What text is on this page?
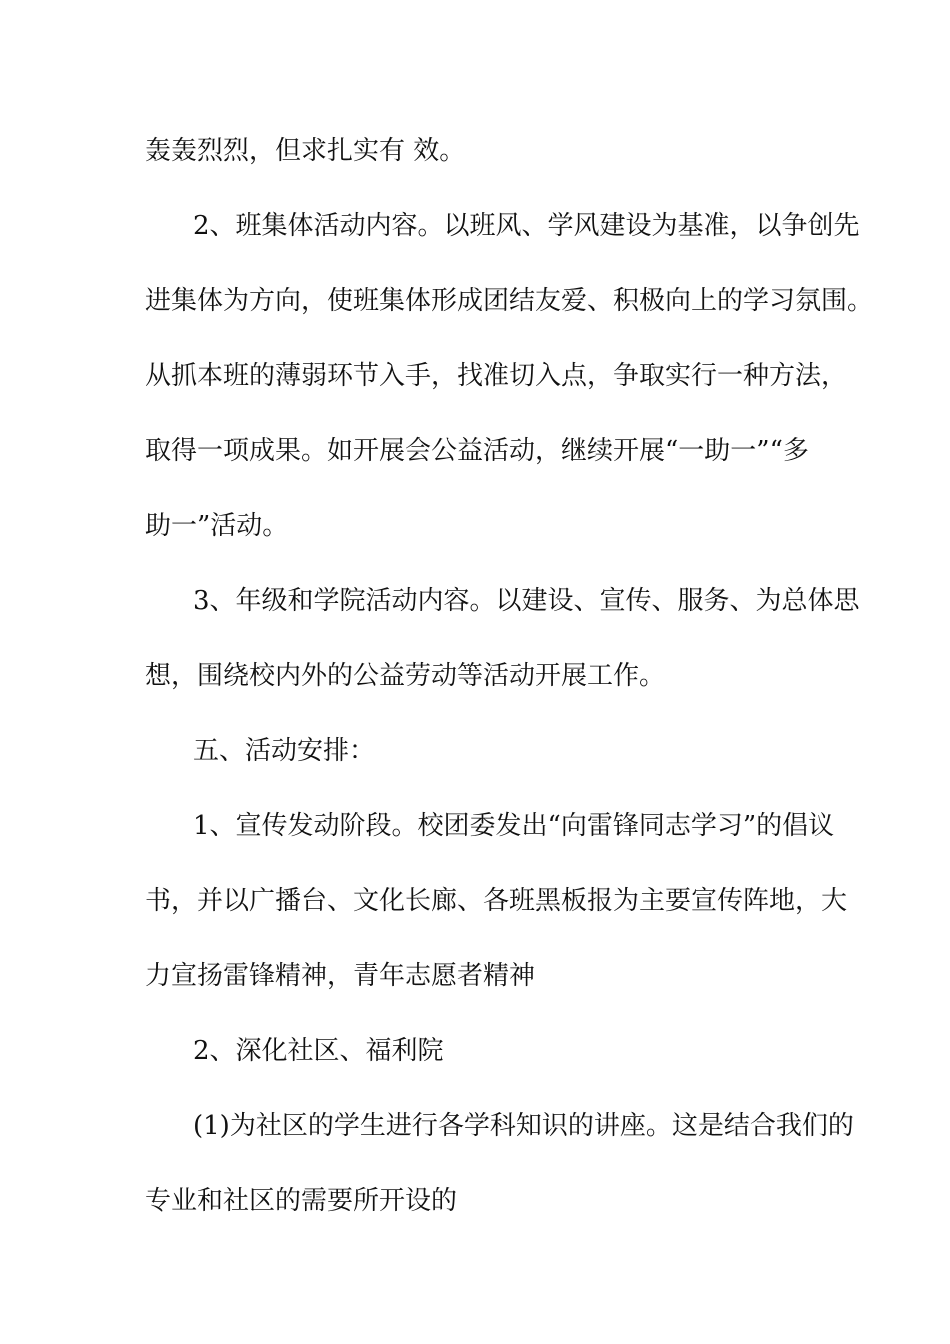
轰轰烈烈，但求扎实有 效。
2、班集体活动内容。以班风、学风建设为基准，以争创先
进集体为方向，使班集体形成团结友爱、积极向上的学习氛围。
从抓本班的薄弱环节入手，找准切入点，争取实行一种方法，
取得一项成果。如开展会公益活动，继续开展“一助一”“多
助一”活动。
3、年级和学院活动内容。以建设、宣传、服务、为总体思
想，围绕校内外的公益劳动等活动开展工作。
五、活动安排：
1、宣传发动阶段。校团委发出“向雷锋同志学习”的倡议
书，并以广播台、文化长廊、各班黑板报为主要宣传阵地，大
力宣扬雷锋精神，青年志愿者精神
2、深化社区、福利院
(1)为社区的学生进行各学科知识的讲座。这是结合我们的
专业和社区的需要所开设的
